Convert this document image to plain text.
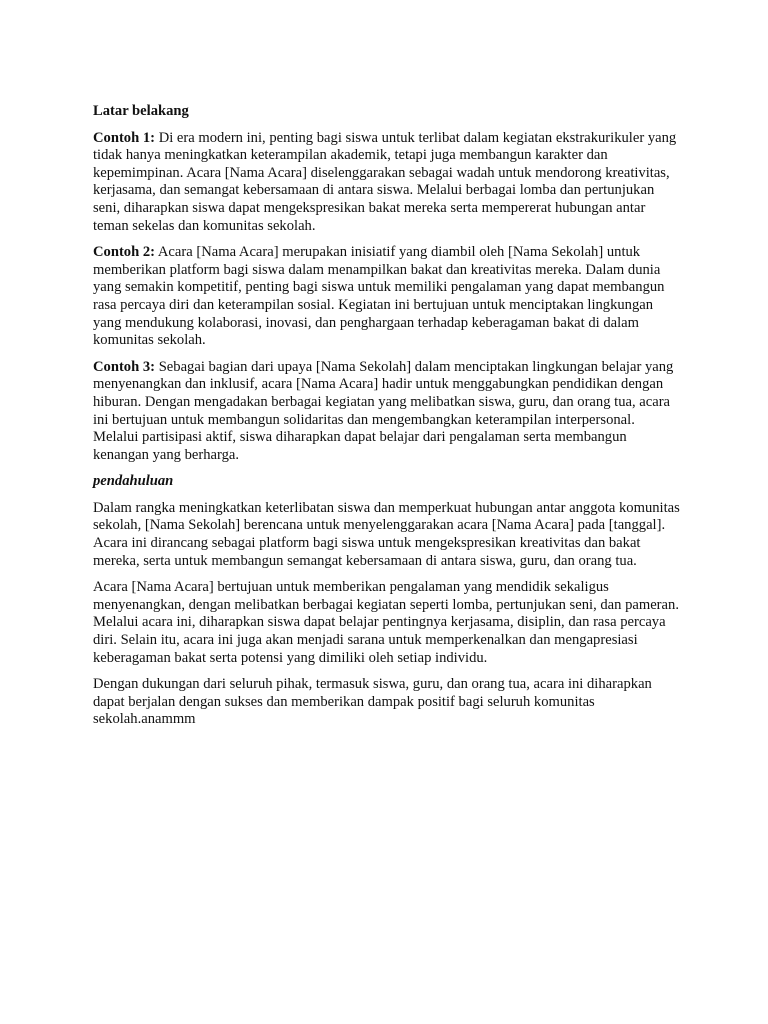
Latar belakang

Contoh 1: Di era modern ini, penting bagi siswa untuk terlibat dalam kegiatan ekstrakurikuler yang tidak hanya meningkatkan keterampilan akademik, tetapi juga membangun karakter dan kepemimpinan. Acara [Nama Acara] diselenggarakan sebagai wadah untuk mendorong kreativitas, kerjasama, dan semangat kebersamaan di antara siswa. Melalui berbagai lomba dan pertunjukan seni, diharapkan siswa dapat mengekspresikan bakat mereka serta mempererat hubungan antar teman sekelas dan komunitas sekolah.

Contoh 2: Acara [Nama Acara] merupakan inisiatif yang diambil oleh [Nama Sekolah] untuk memberikan platform bagi siswa dalam menampilkan bakat dan kreativitas mereka. Dalam dunia yang semakin kompetitif, penting bagi siswa untuk memiliki pengalaman yang dapat membangun rasa percaya diri dan keterampilan sosial. Kegiatan ini bertujuan untuk menciptakan lingkungan yang mendukung kolaborasi, inovasi, dan penghargaan terhadap keberagaman bakat di dalam komunitas sekolah.

Contoh 3: Sebagai bagian dari upaya [Nama Sekolah] dalam menciptakan lingkungan belajar yang menyenangkan dan inklusif, acara [Nama Acara] hadir untuk menggabungkan pendidikan dengan hiburan. Dengan mengadakan berbagai kegiatan yang melibatkan siswa, guru, dan orang tua, acara ini bertujuan untuk membangun solidaritas dan mengembangkan keterampilan interpersonal. Melalui partisipasi aktif, siswa diharapkan dapat belajar dari pengalaman serta membangun kenangan yang berharga.

pendahuluan

Dalam rangka meningkatkan keterlibatan siswa dan memperkuat hubungan antar anggota komunitas sekolah, [Nama Sekolah] berencana untuk menyelenggarakan acara [Nama Acara] pada [tanggal]. Acara ini dirancang sebagai platform bagi siswa untuk mengekspresikan kreativitas dan bakat mereka, serta untuk membangun semangat kebersamaan di antara siswa, guru, dan orang tua.

Acara [Nama Acara] bertujuan untuk memberikan pengalaman yang mendidik sekaligus menyenangkan, dengan melibatkan berbagai kegiatan seperti lomba, pertunjukan seni, dan pameran. Melalui acara ini, diharapkan siswa dapat belajar pentingnya kerjasama, disiplin, dan rasa percaya diri. Selain itu, acara ini juga akan menjadi sarana untuk memperkenalkan dan mengapresiasi keberagaman bakat serta potensi yang dimiliki oleh setiap individu.

Dengan dukungan dari seluruh pihak, termasuk siswa, guru, dan orang tua, acara ini diharapkan dapat berjalan dengan sukses dan memberikan dampak positif bagi seluruh komunitas sekolah.anammm
